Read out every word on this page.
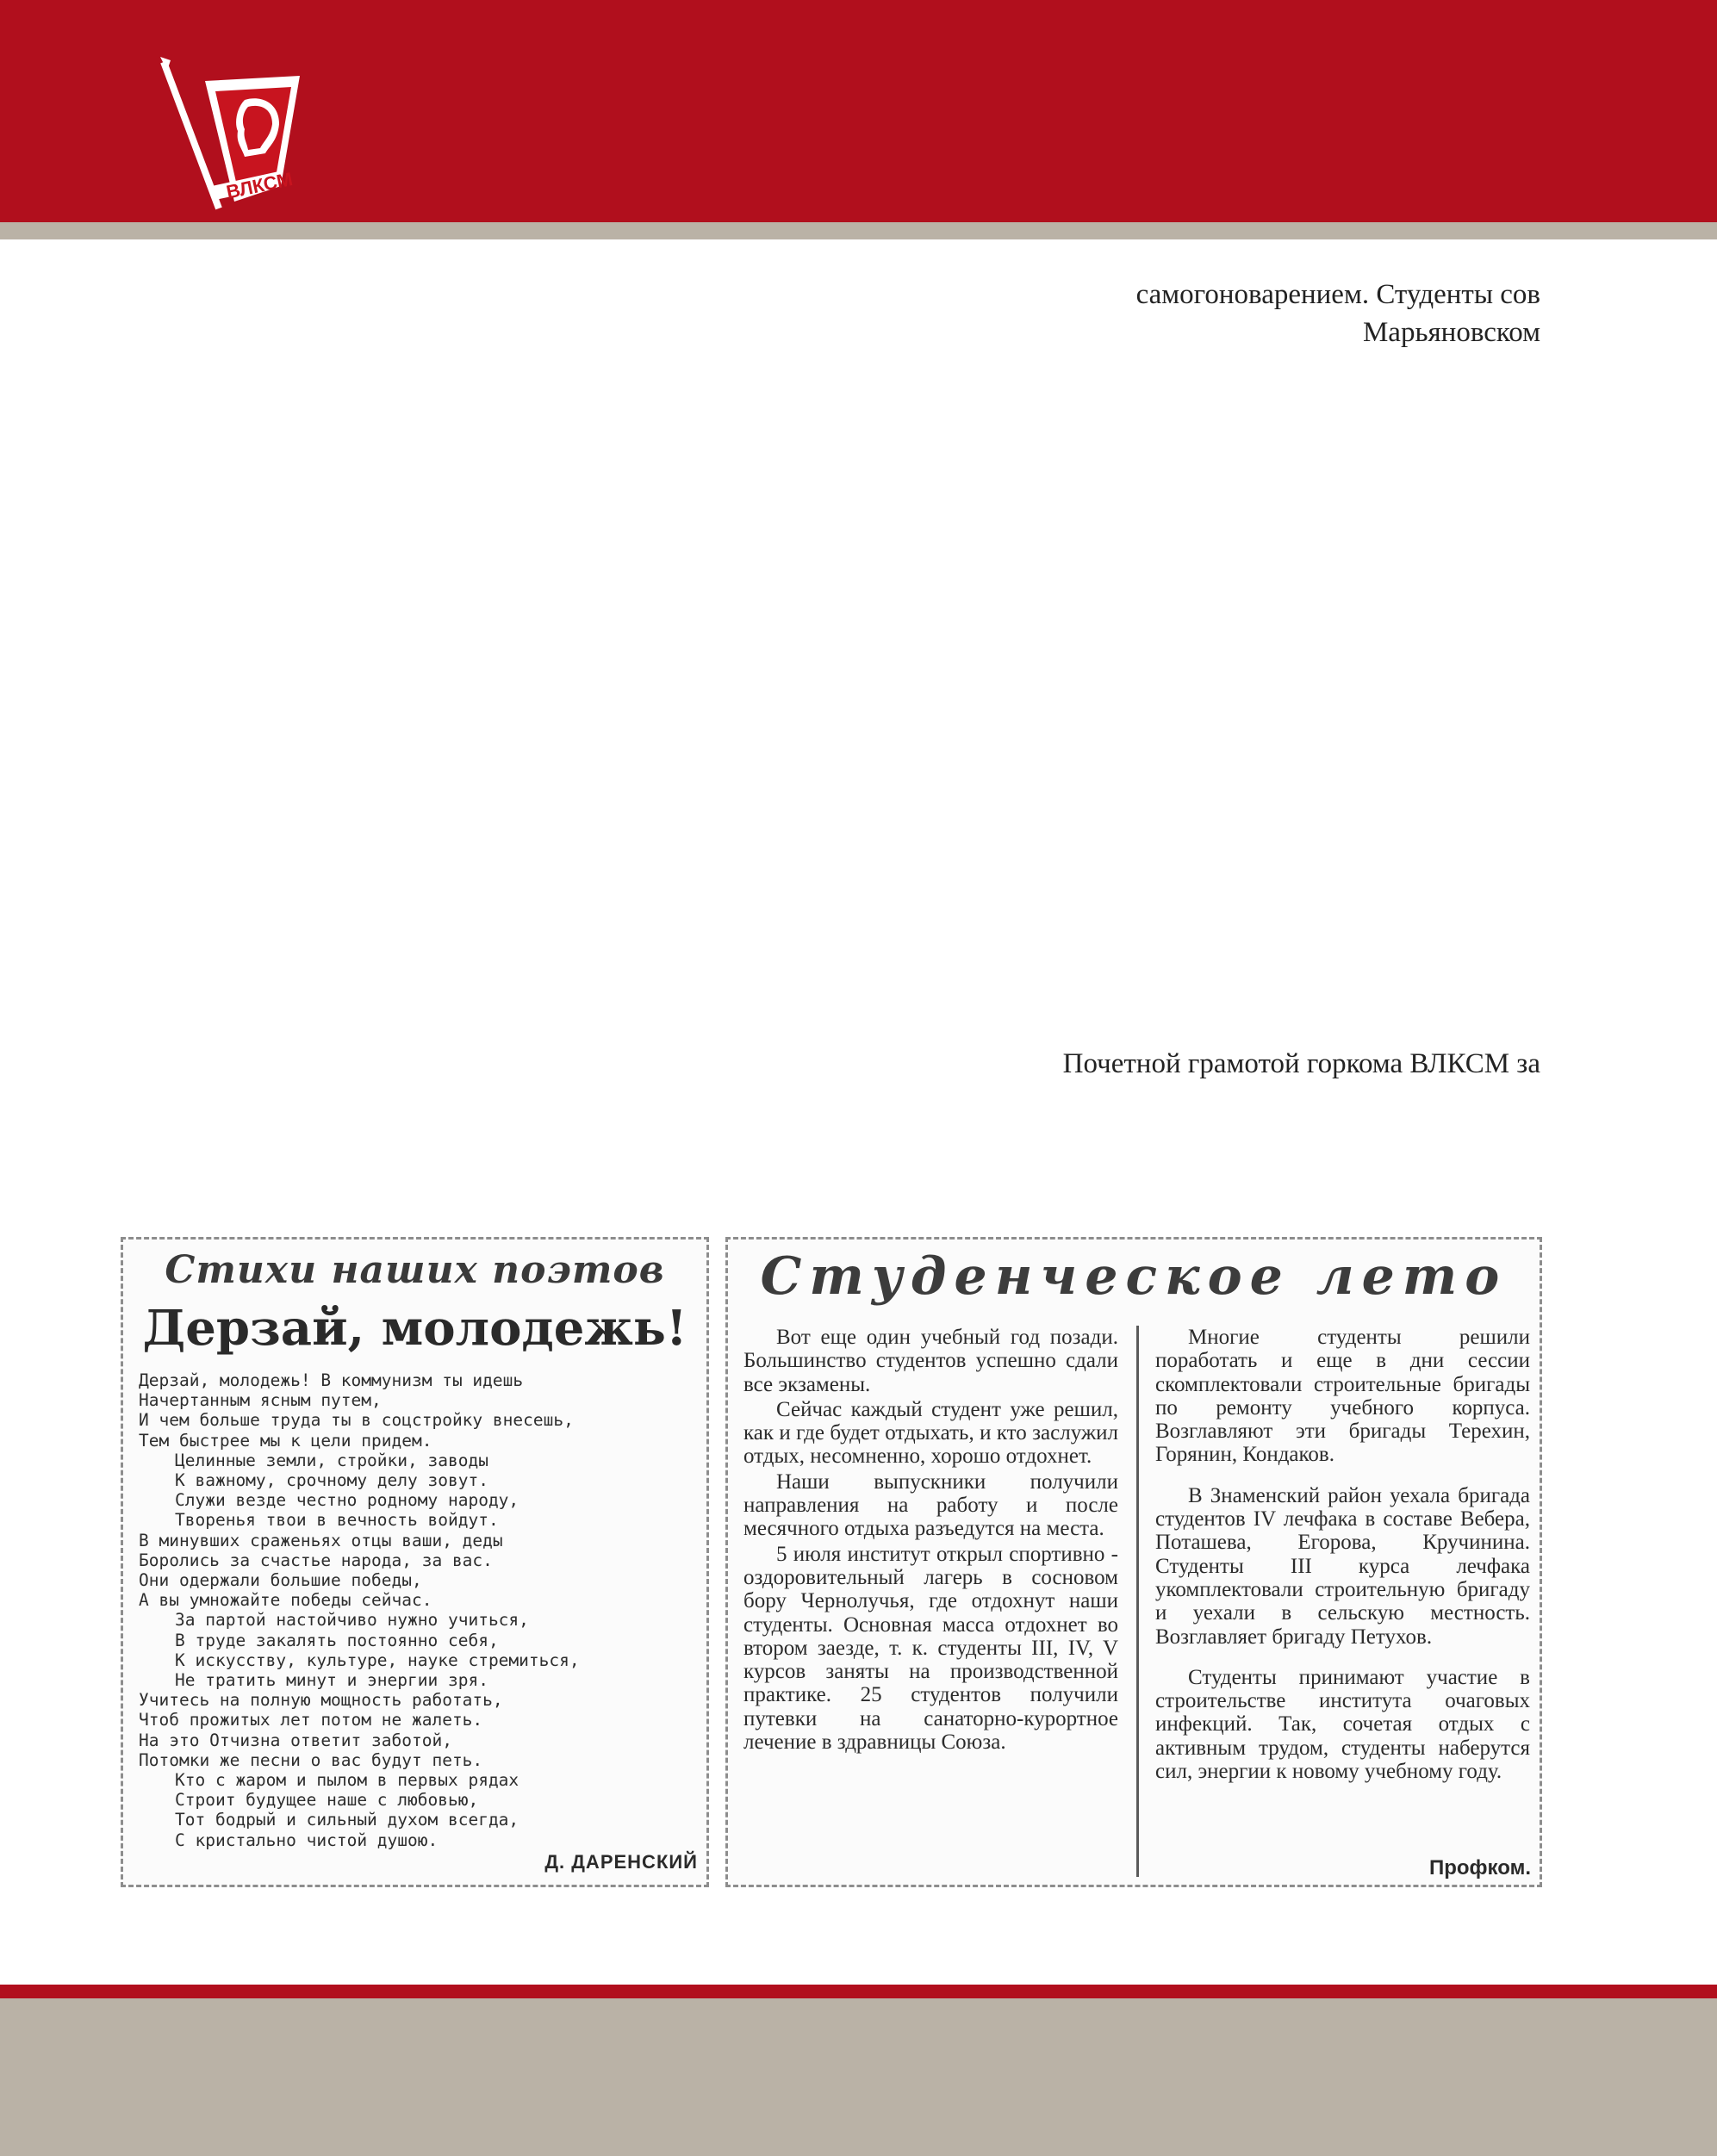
ВЛКСМ
самогоноварением. Студенты сов
Марьяновском
Почетной грамотой горкома ВЛКСМ за
Стихи наших поэтов
Дерзай, молодежь!
Дерзай, молодежь! В коммунизм ты идешь
Начертанным ясным путем,
И чем больше труда ты в соцстройку внесешь,
Тем быстрее мы к цели придем.
Целинные земли, стройки, заводы
К важному, срочному делу зовут.
Служи везде честно родному народу,
Творенья твои в вечность войдут.
В минувших сраженьях отцы ваши, деды
Боролись за счастье народа, за вас.
Они одержали большие победы,
А вы умножайте победы сейчас.
За партой настойчиво нужно учиться,
В труде закалять постоянно себя,
К искусству, культуре, науке стремиться,
Не тратить минут и энергии зря.
Учитесь на полную мощность работать,
Чтоб прожитых лет потом не жалеть.
На это Отчизна ответит заботой,
Потомки же песни о вас будут петь.
Кто с жаром и пылом в первых рядах
Строит будущее наше с любовью,
Тот бодрый и сильный духом всегда,
С кристально чистой душою.
Д. ДАРЕНСКИЙ
Студенческое лето

Вот еще один учебный год позади. Большинство студентов успешно сдали все экзамены.

Сейчас каждый студент уже решил, как и где будет отдыхать, и кто заслужил отдых, несомненно, хорошо отдохнет.

Наши выпускники получили направления на работу и после месячного отдыха разъедутся на места.

5 июля институт открыл спортивно - оздоровительный лагерь в сосновом бору Чернолучья, где отдохнут наши студенты. Основная масса отдохнет во втором заезде, т. к. студенты III, IV, V курсов заняты на производственной практике. 25 студентов получили путевки на санаторно-курортное лечение в здравницы Союза.

Многие студенты решили поработать и еще в дни сессии скомплектовали строительные бригады по ремонту учебного корпуса. Возглавляют эти бригады Терехин, Горянин, Кондаков.

В Знаменский район уехала бригада студентов IV лечфака в составе Вебера, Поташева, Егорова, Кручинина. Студенты III курса лечфака укомплектовали строительную бригаду и уехали в сельскую местность. Возглавляет бригаду Петухов.

Студенты принимают участие в строительстве института очаговых инфекций. Так, сочетая отдых с активным трудом, студенты наберутся сил, энергии к новому учебному году.

Профком.
